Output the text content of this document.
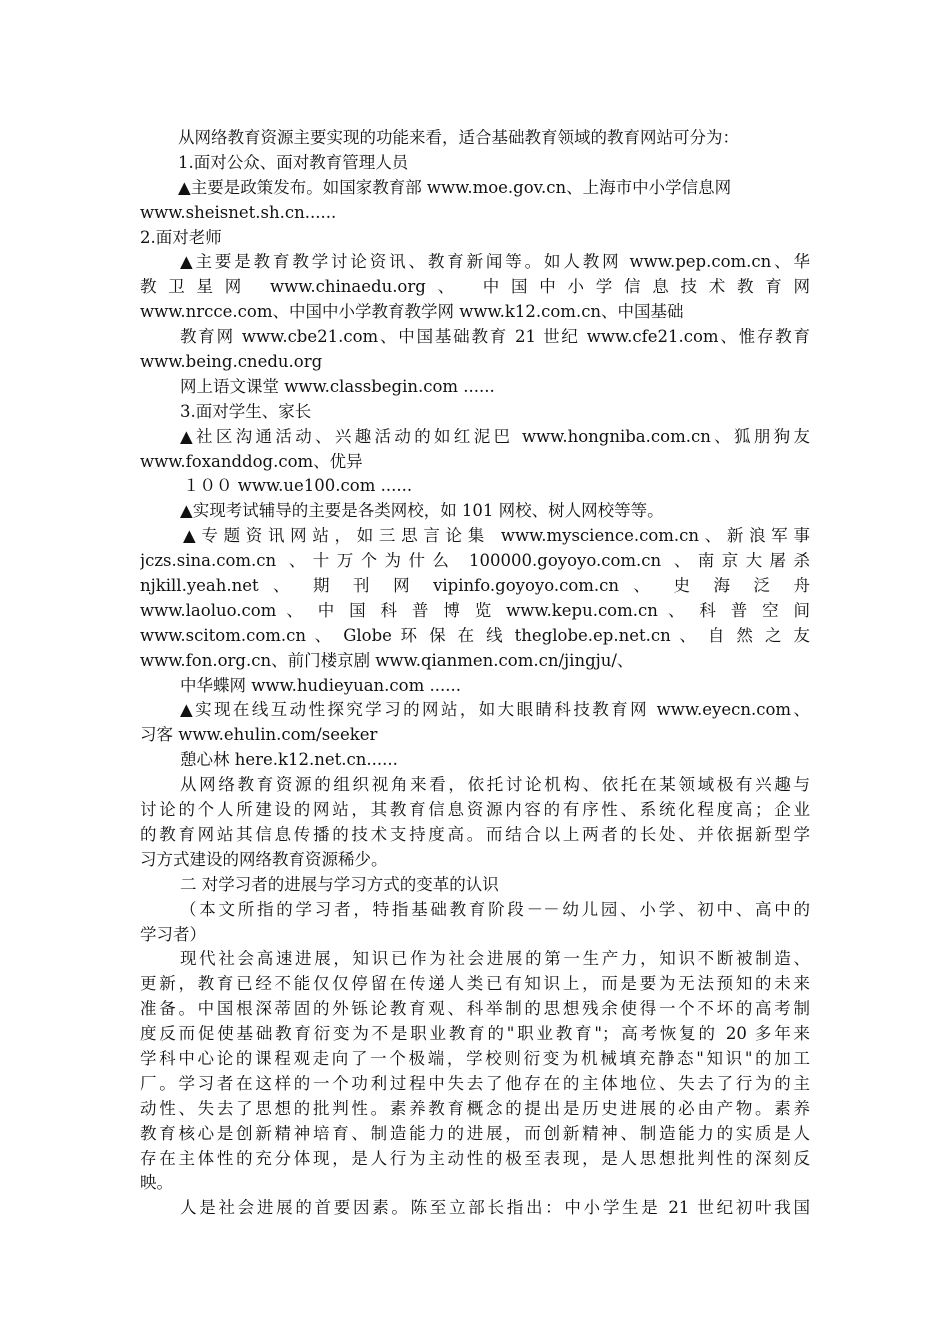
从网络教育资源主要实现的功能来看，适合基础教育领域的教育网站可分为：
1.面对公众、面对教育管理人员
▲主要是政策发布。如国家教育部 www.moe.gov.cn、上海市中小学信息网
www.sheisnet.sh.cn......
2.面对老师
▲主要是教育教学讨论资讯、教育新闻等。如人教网 www.pep.com.cn、华
教卫星网 www.chinaedu.org、 中国中小学信息技术教育网
www.nrcce.com、中国中小学教育教学网 www.k12.com.cn、中国基础
教育网 www.cbe21.com、中国基础教育 21 世纪 www.cfe21.com、惟存教育
www.being.cnedu.org
网上语文课堂 www.classbegin.com ......
3.面对学生、家长
▲社区沟通活动、兴趣活动的如红泥巴 www.hongniba.com.cn、狐朋狗友
www.foxanddog.com、优异
１００ www.ue100.com ......
▲实现考试辅导的主要是各类网校，如 101 网校、树人网校等等。
▲专题资讯网站，如三思言论集 www.myscience.com.cn、新浪军事
jczs.sina.com.cn 、十万个为什么 100000.goyoyo.com.cn 、南京大屠杀
njkill.yeah.net 、 期 刊 网 vipinfo.goyoyo.com.cn 、 史 海 泛 舟
www.laoluo.com 、 中 国 科 普 博 览 www.kepu.com.cn 、 科 普 空 间
www.scitom.com.cn 、 Globe 环 保 在 线 theglobe.ep.net.cn 、 自 然 之 友
www.fon.org.cn、前门楼京剧 www.qianmen.com.cn/jingju/、
中华蝶网 www.hudieyuan.com ......
▲实现在线互动性探究学习的网站，如大眼睛科技教育网 www.eyecn.com、
习客 www.ehulin.com/seeker
憩心林 here.k12.net.cn......
从网络教育资源的组织视角来看，依托讨论机构、依托在某领域极有兴趣与
讨论的个人所建设的网站，其教育信息资源内容的有序性、系统化程度高；企业
的教育网站其信息传播的技术支持度高。而结合以上两者的长处、并依据新型学
习方式建设的网络教育资源稀少。
二 对学习者的进展与学习方式的变革的认识
（本文所指的学习者，特指基础教育阶段－－幼儿园、小学、初中、高中的
学习者）
现代社会高速进展，知识已作为社会进展的第一生产力，知识不断被制造、
更新，教育已经不能仅仅停留在传递人类已有知识上，而是要为无法预知的未来
准备。中国根深蒂固的外铄论教育观、科举制的思想残余使得一个不坏的高考制
度反而促使基础教育衍变为不是职业教育的"职业教育"；高考恢复的 20 多年来
学科中心论的课程观走向了一个极端，学校则衍变为机械填充静态"知识"的加工
厂。学习者在这样的一个功利过程中失去了他存在的主体地位、失去了行为的主
动性、失去了思想的批判性。素养教育概念的提出是历史进展的必由产物。素养
教育核心是创新精神培育、制造能力的进展，而创新精神、制造能力的实质是人
存在主体性的充分体现，是人行为主动性的极至表现，是人思想批判性的深刻反
映。
人是社会进展的首要因素。陈至立部长指出：中小学生是 21 世纪初叶我国
